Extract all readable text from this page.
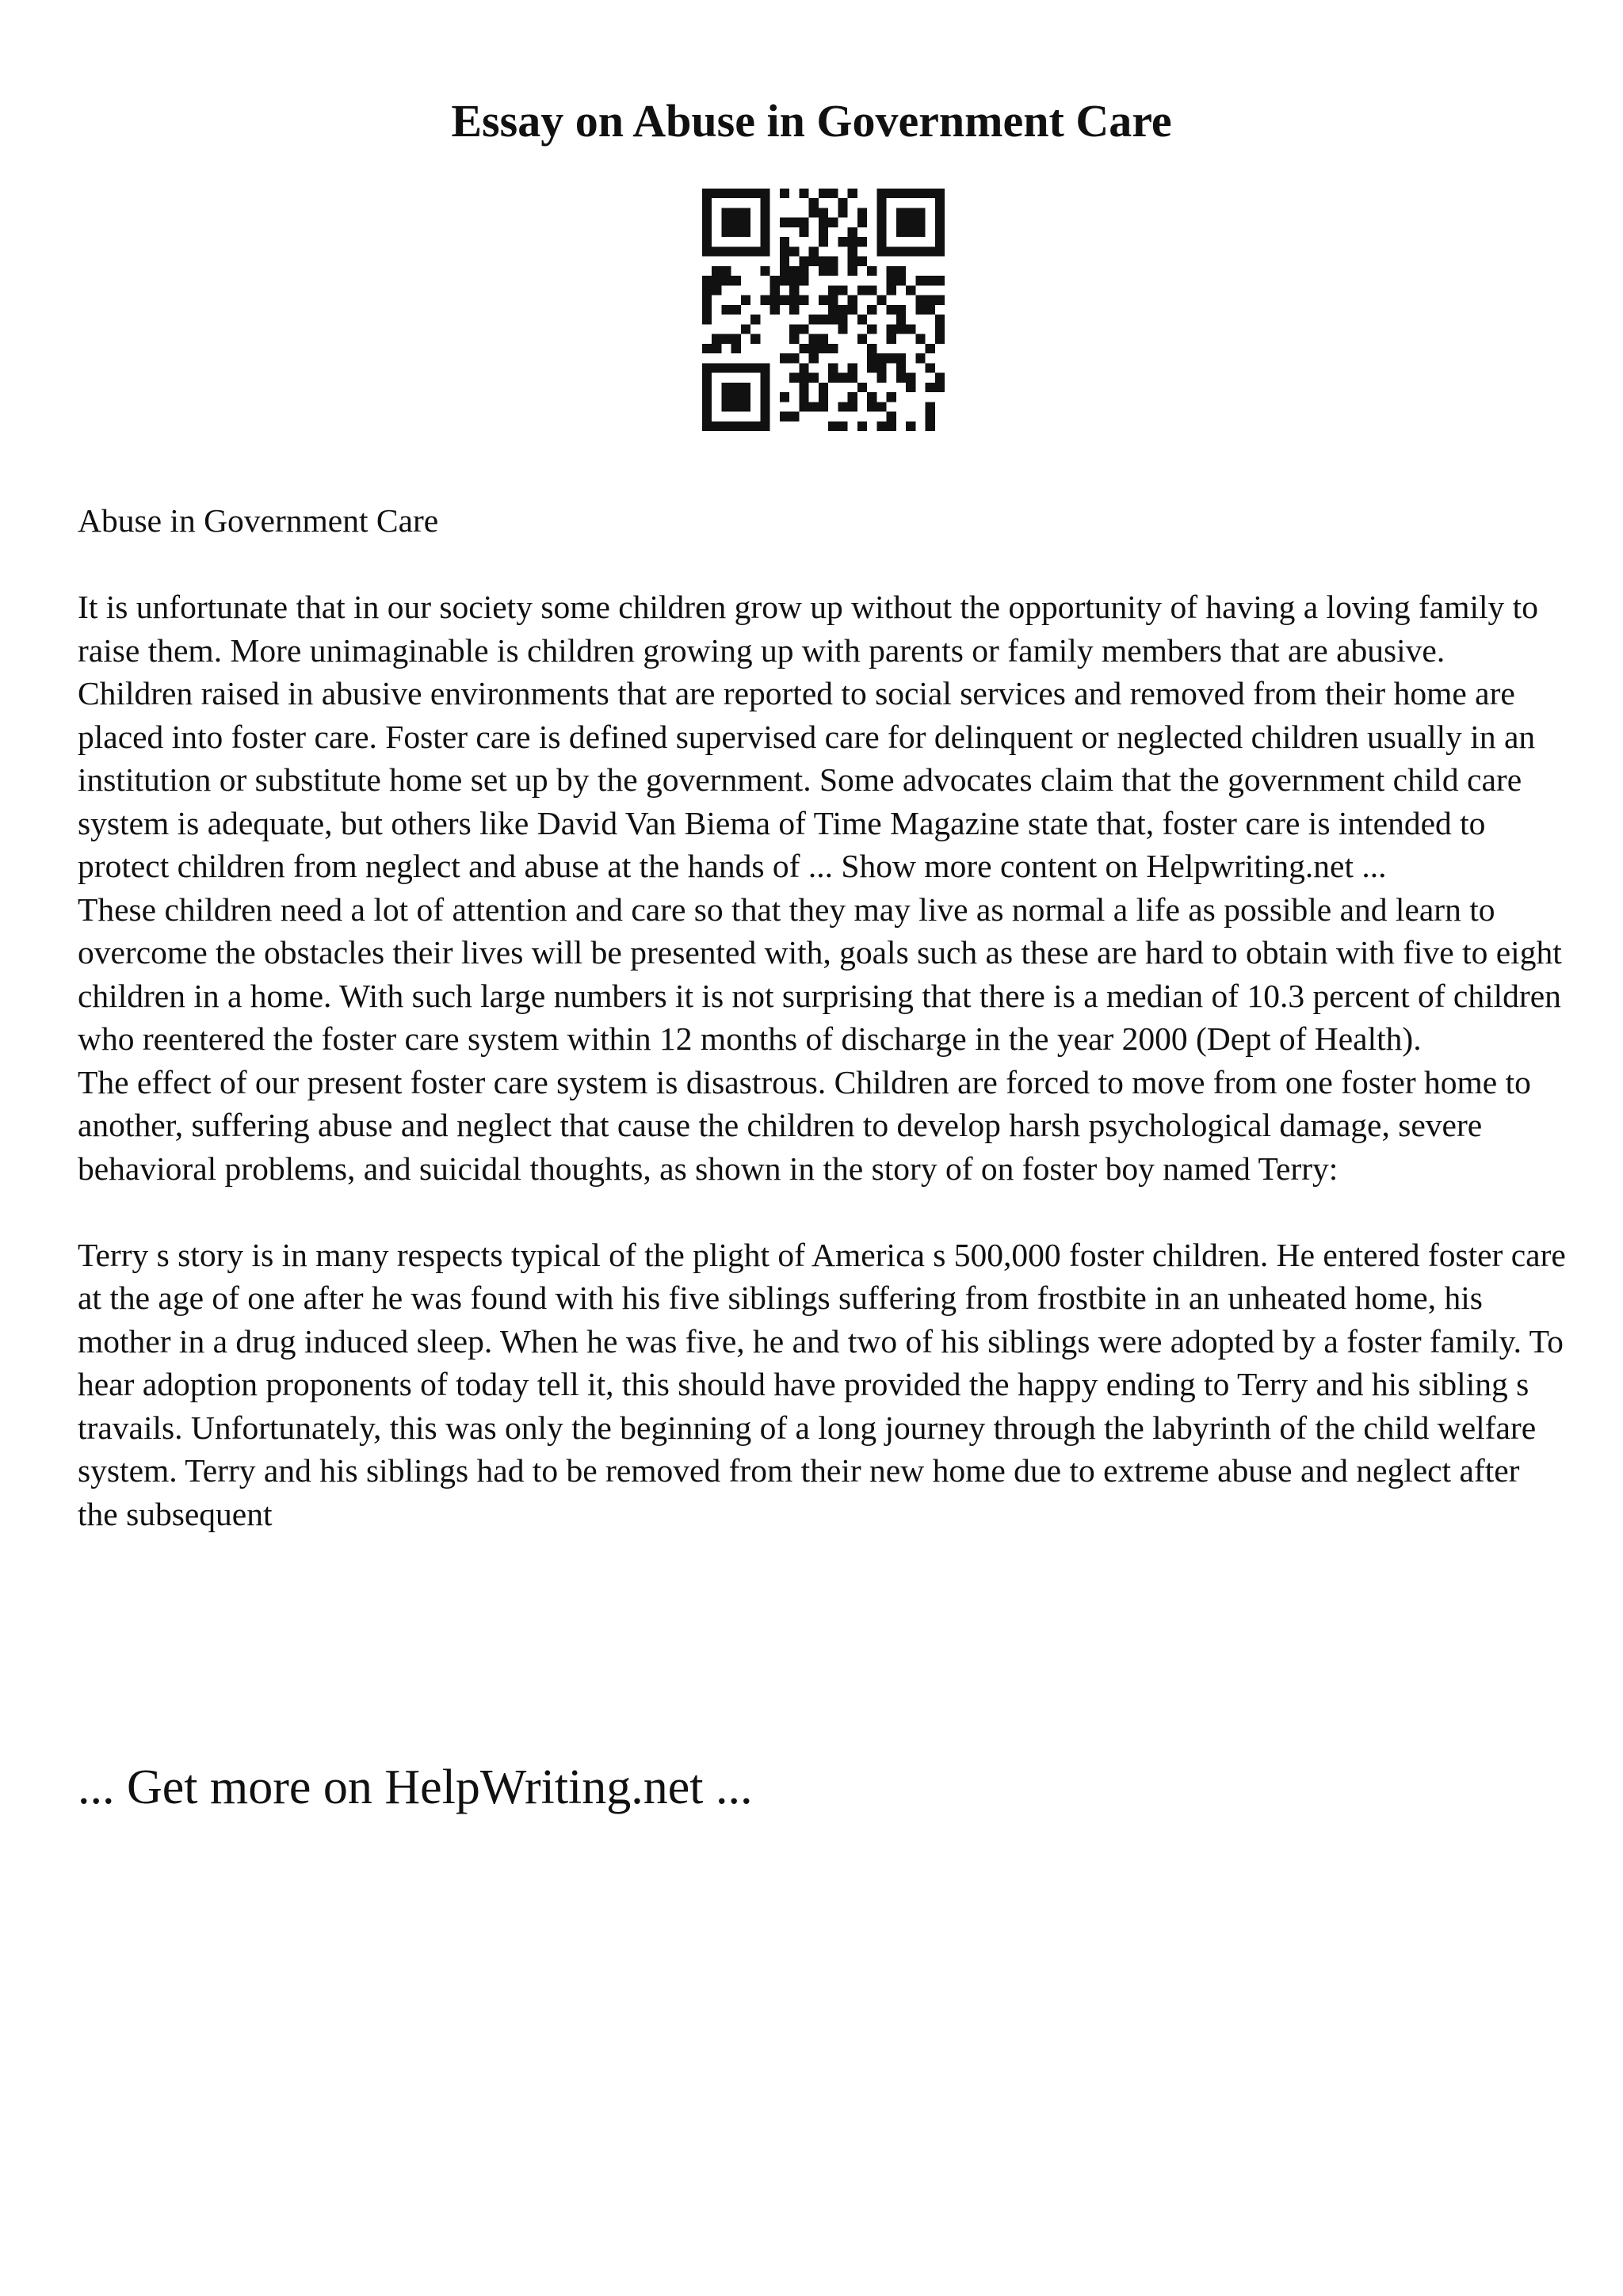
Essay on Abuse in Government Care

Abuse in Government Care

It is unfortunate that in our society some children grow up without the opportunity of having a loving family to raise them. More unimaginable is children growing up with parents or family members that are abusive. Children raised in abusive environments that are reported to social services and removed from their home are placed into foster care. Foster care is defined supervised care for delinquent or neglected children usually in an institution or substitute home set up by the government. Some advocates claim that the government child care system is adequate, but others like David Van Biema of Time Magazine state that, foster care is intended to protect children from neglect and abuse at the hands of ... Show more content on Helpwriting.net ...

These children need a lot of attention and care so that they may live as normal a life as possible and learn to overcome the obstacles their lives will be presented with, goals such as these are hard to obtain with five to eight children in a home. With such large numbers it is not surprising that there is a median of 10.3 percent of children who reentered the foster care system within 12 months of discharge in the year 2000 (Dept of Health).

The effect of our present foster care system is disastrous. Children are forced to move from one foster home to another, suffering abuse and neglect that cause the children to develop harsh psychological damage, severe behavioral problems, and suicidal thoughts, as shown in the story of on foster boy named Terry:

Terry s story is in many respects typical of the plight of America s 500,000 foster children. He entered foster care at the age of one after he was found with his five siblings suffering from frostbite in an unheated home, his mother in a drug induced sleep. When he was five, he and two of his siblings were adopted by a foster family. To hear adoption proponents of today tell it, this should have provided the happy ending to Terry and his sibling s travails. Unfortunately, this was only the beginning of a long journey through the labyrinth of the child welfare system. Terry and his siblings had to be removed from their new home due to extreme abuse and neglect after the subsequent

... Get more on HelpWriting.net ...
